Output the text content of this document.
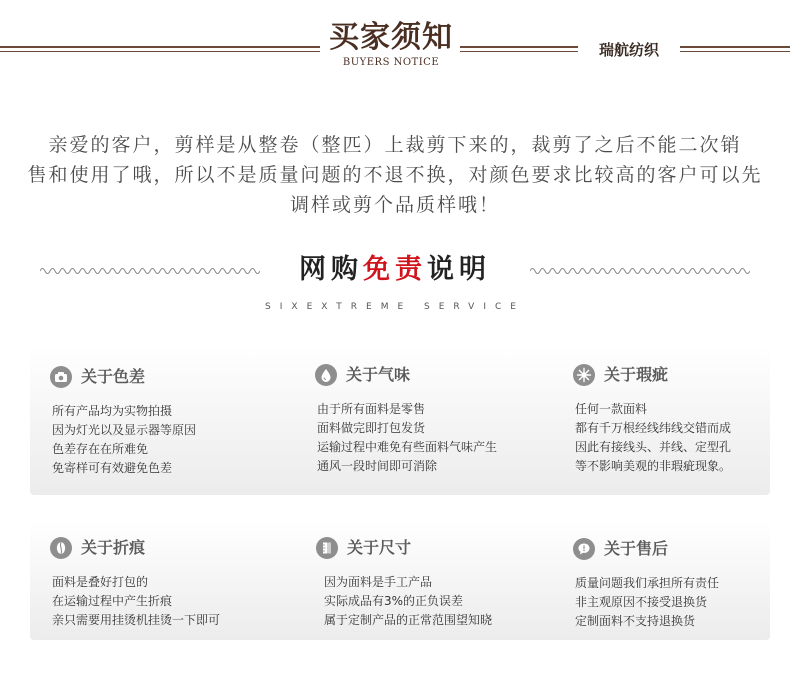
买家须知
BUYERS NOTICE
瑞航纺织
亲爱的客户，剪样是从整卷（整匹）上裁剪下来的，裁剪了之后不能二次销
售和使用了哦，所以不是质量问题的不退不换，对颜色要求比较高的客户可以先
调样或剪个品质样哦！
网购免责说明
SIXEXTREME SERVICE
关于色差
所有产品均为实物拍摄
因为灯光以及显示器等原因
色差存在在所难免
免寄样可有效避免色差
关于气味
由于所有面料是零售
面料做完即打包发货
运输过程中难免有些面料气味产生
通风一段时间即可消除
关于瑕疵
任何一款面料
都有千万根经线纬线交错而成
因此有接线头、并线、定型孔
等不影响美观的非瑕疵现象。
关于折痕
面料是叠好打包的
在运输过程中产生折痕
亲只需要用挂烫机挂烫一下即可
关于尺寸
因为面料是手工产品
实际成品有3%的正负误差
属于定制产品的正常范围望知晓
关于售后
质量问题我们承担所有责任
非主观原因不接受退换货
定制面料不支持退换货
